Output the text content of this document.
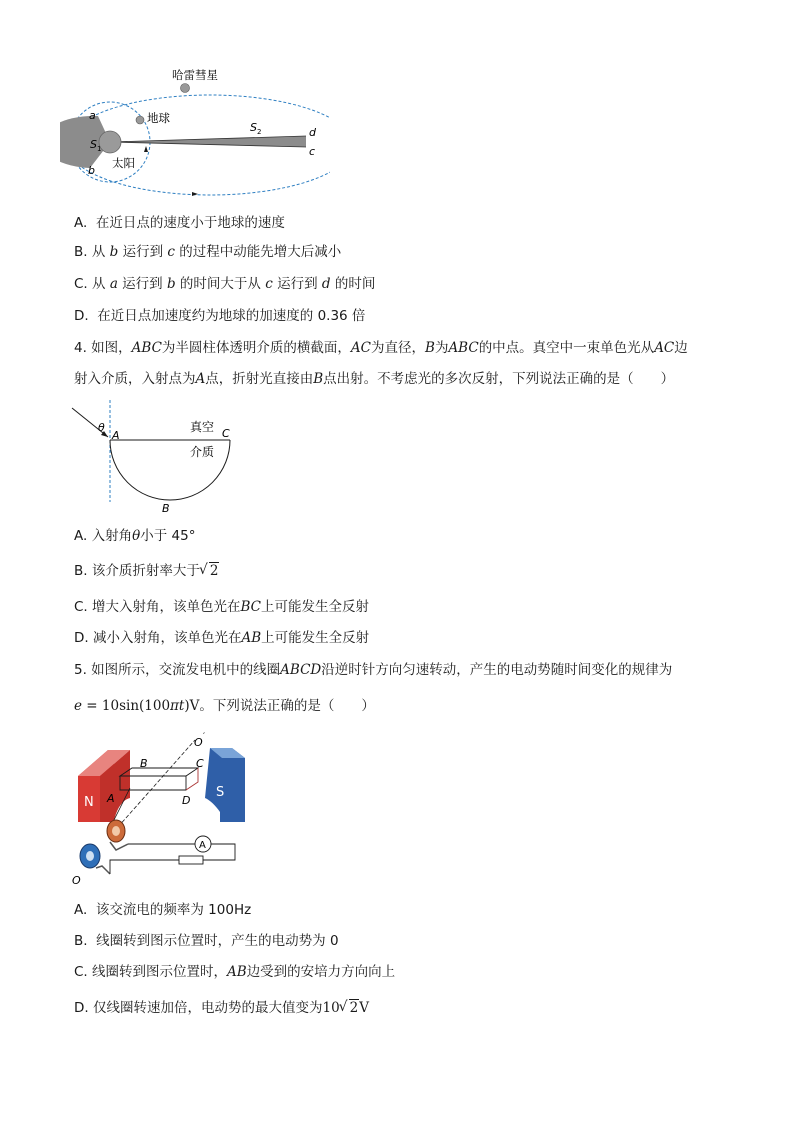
哈雷彗星
地球
太阳
a
b
d
c
S 1
S 2
A. 在近日点的速度小于地球的速度
B. 从 b 运行到 c 的过程中动能先增大后减小
C. 从 a 运行到 b 的时间大于从 c 运行到 d 的时间
D. 在近日点加速度约为地球的加速度的 0.36 倍
4. 如图，ABC为半圆柱体透明介质的横截面，AC为直径，B为ABC的中点。真空中一束单色光从AC边
射入介质，入射点为A点，折射光直接由B点出射。不考虑光的多次反射，下列说法正确的是（　　）
θ
A	C
B
真空
介质
A. 入射角θ小于 45°
B. 该介质折射率大于 √ 2
C. 增大入射角，该单色光在BC上可能发生全反射
D. 减小入射角，该单色光在AB上可能发生全反射
5. 如图所示，交流发电机中的线圈ABCD沿逆时针方向匀速转动，产生的电动势随时间变化的规律为
e = 10sin(100πt)V。下列说法正确的是（　　）
A
N
S
O ′
B	C
A	D
O
A. 该交流电的频率为 100Hz
B. 线圈转到图示位置时，产生的电动势为 0
C. 线圈转到图示位置时，AB边受到的安培力方向向上
D. 仅线圈转速加倍，电动势的最大值变为10 √ 2V
